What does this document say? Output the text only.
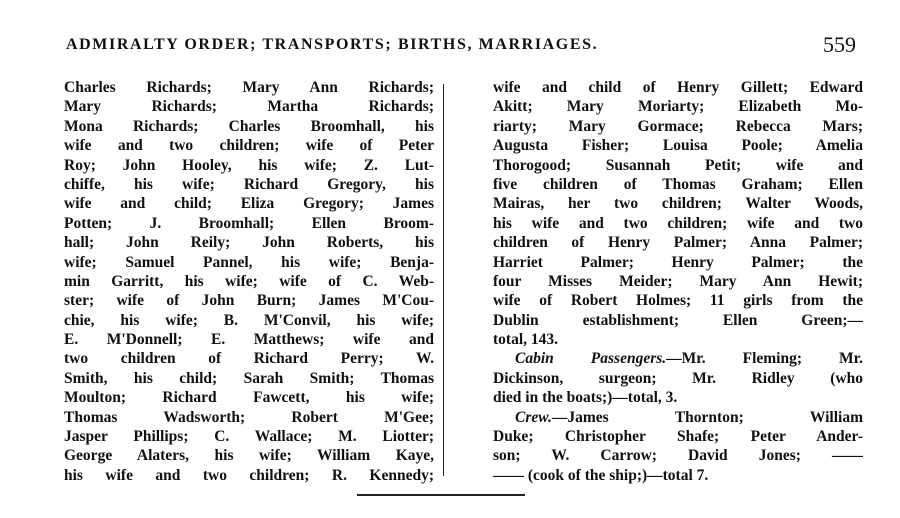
ADMIRALTY ORDER; TRANSPORTS; BIRTHS, MARRIAGES.	559
Charles Richards; Mary Ann Richards;
Mary Richards; Martha Richards;
Mona Richards; Charles Broomhall, his
wife and two children; wife of Peter
Roy; John Hooley, his wife; Z. Lut-
chiffe, his wife; Richard Gregory, his
wife and child; Eliza Gregory; James
Potten; J. Broomhall; Ellen Broom-
hall; John Reily; John Roberts, his
wife; Samuel Pannel, his wife; Benja-
min Garritt, his wife; wife of C. Web-
ster; wife of John Burn; James M'Cou-
chie, his wife; B. M'Convil, his wife;
E. M'Donnell; E. Matthews; wife and
two children of Richard Perry; W.
Smith, his child; Sarah Smith; Thomas
Moulton; Richard Fawcett, his wife;
Thomas Wadsworth; Robert M'Gee;
Jasper Phillips; C. Wallace; M. Liotter;
George Alaters, his wife; William Kaye,
his wife and two children; R. Kennedy;
wife and child of Henry Gillett; Edward
Akitt; Mary Moriarty; Elizabeth Mo-
riarty; Mary Gormace; Rebecca Mars;
Augusta Fisher; Louisa Poole; Amelia
Thorogood; Susannah Petit; wife and
five children of Thomas Graham; Ellen
Mairas, her two children; Walter Woods,
his wife and two children; wife and two
children of Henry Palmer; Anna Palmer;
Harriet Palmer; Henry Palmer; the
four Misses Meider; Mary Ann Hewit;
wife of Robert Holmes; 11 girls from the
Dublin establishment; Ellen Green;—
total, 143.
Cabin Passengers.—Mr. Fleming; Mr.
Dickinson, surgeon; Mr. Ridley (who
died in the boats;)—total, 3.
Crew.—James Thornton; William
Duke; Christopher Shafe; Peter Ander-
son; W. Carrow; David Jones; ——
—— (cook of the ship;)—total 7.
